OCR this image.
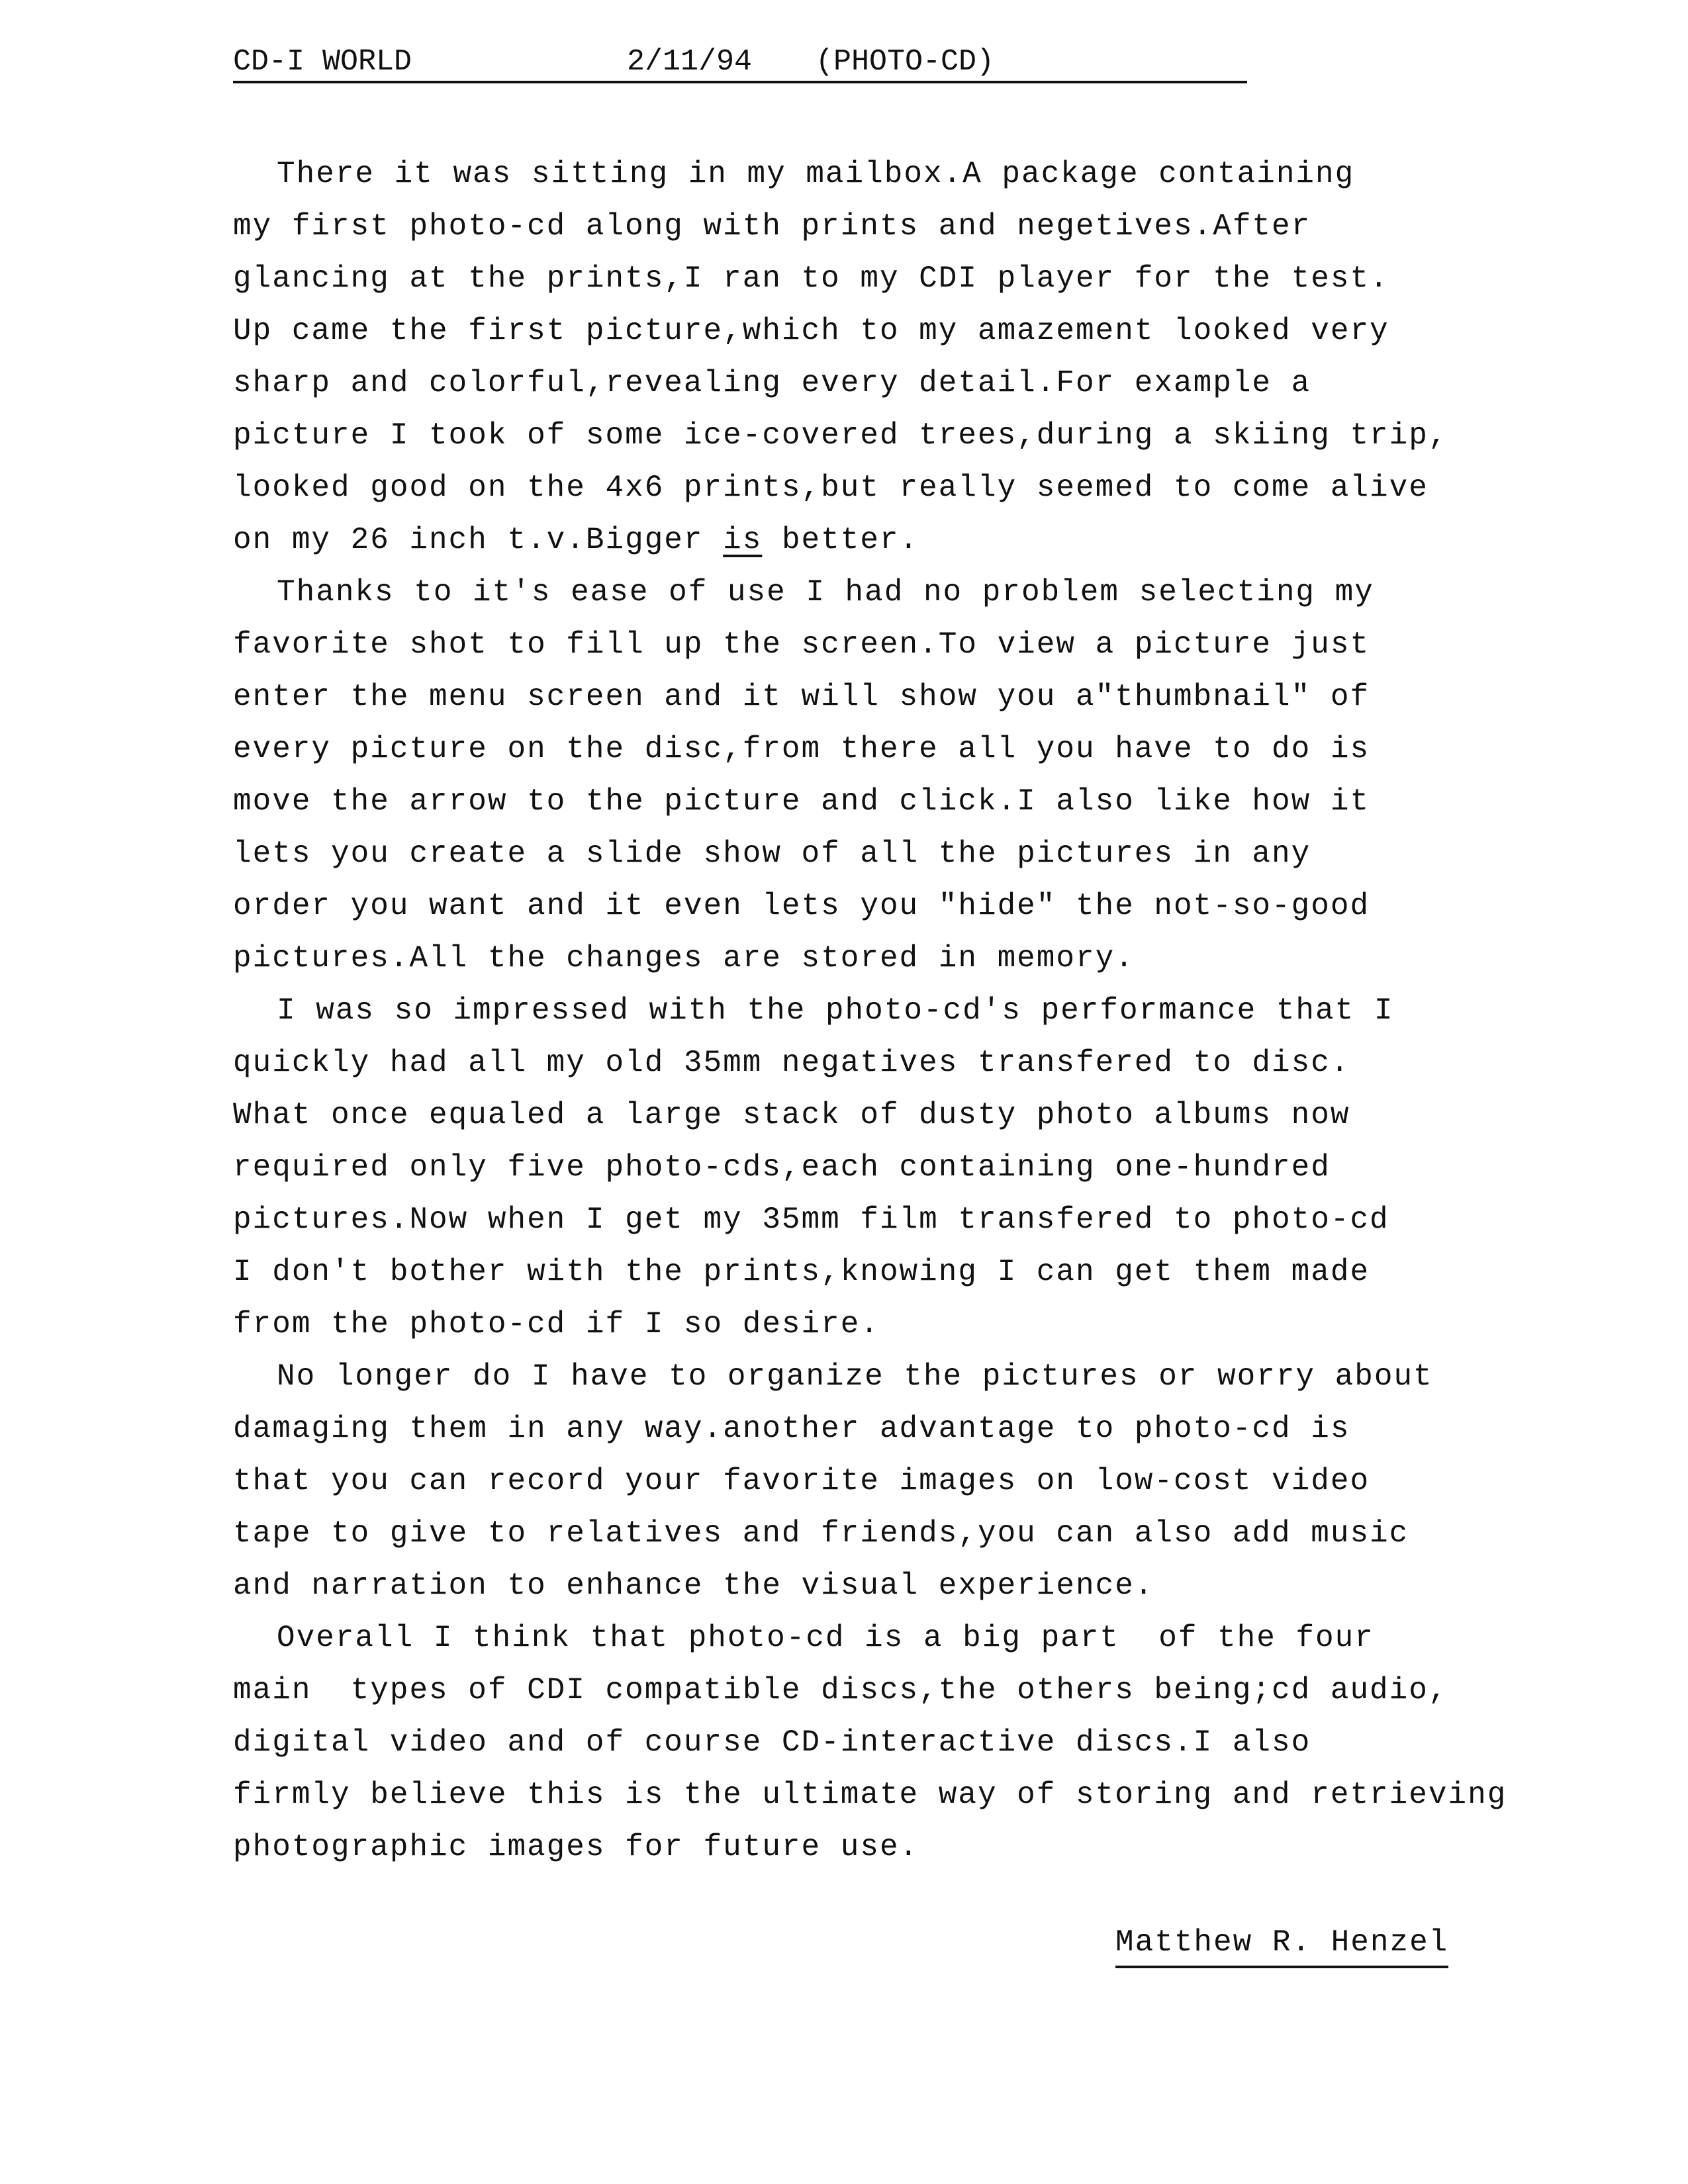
CD-I WORLD

	2/11/94

(PHOTO-CD)

There it was sitting in my mailbox.A package containing
my first photo-cd along with prints and negetives.After
glancing at the prints,I ran to my CDI player for the test.
Up came the first picture,which to my amazement looked very
sharp and colorful,revealing every detail.For example a
picture I took of some ice-covered trees,during a skiing trip,
looked good on the 4x6 prints,but really seemed to come alive
on my 26 inch t.v.Bigger is better.
Thanks to it's ease of use I had no problem selecting my
favorite shot to fill up the screen.To view a picture just
enter the menu screen and it will show you a"thumbnail" of
every picture on the disc,from there all you have to do is
move the arrow to the picture and click.I also like how it
lets you create a slide show of all the pictures in any
order you want and it even lets you "hide" the not-so-good
pictures.All the changes are stored in memory.
I was so impressed with the photo-cd's performance that I
quickly had all my old 35mm negatives transfered to disc.
What once equaled a large stack of dusty photo albums now
required only five photo-cds,each containing one-hundred
pictures.Now when I get my 35mm film transfered to photo-cd
I don't bother with the prints,knowing I can get them made
from the photo-cd if I so desire.
No longer do I have to organize the pictures or worry about
damaging them in any way.another advantage to photo-cd is
that you can record your favorite images on low-cost video
tape to give to relatives and friends,you can also add music
and narration to enhance the visual experience.
Overall I think that photo-cd is a big part  of the four
main  types of CDI compatible discs,the others being;cd audio,
digital video and of course CD-interactive discs.I also
firmly believe this is the ultimate way of storing and retrieving
photographic images for future use.
Matthew R. Henzel
